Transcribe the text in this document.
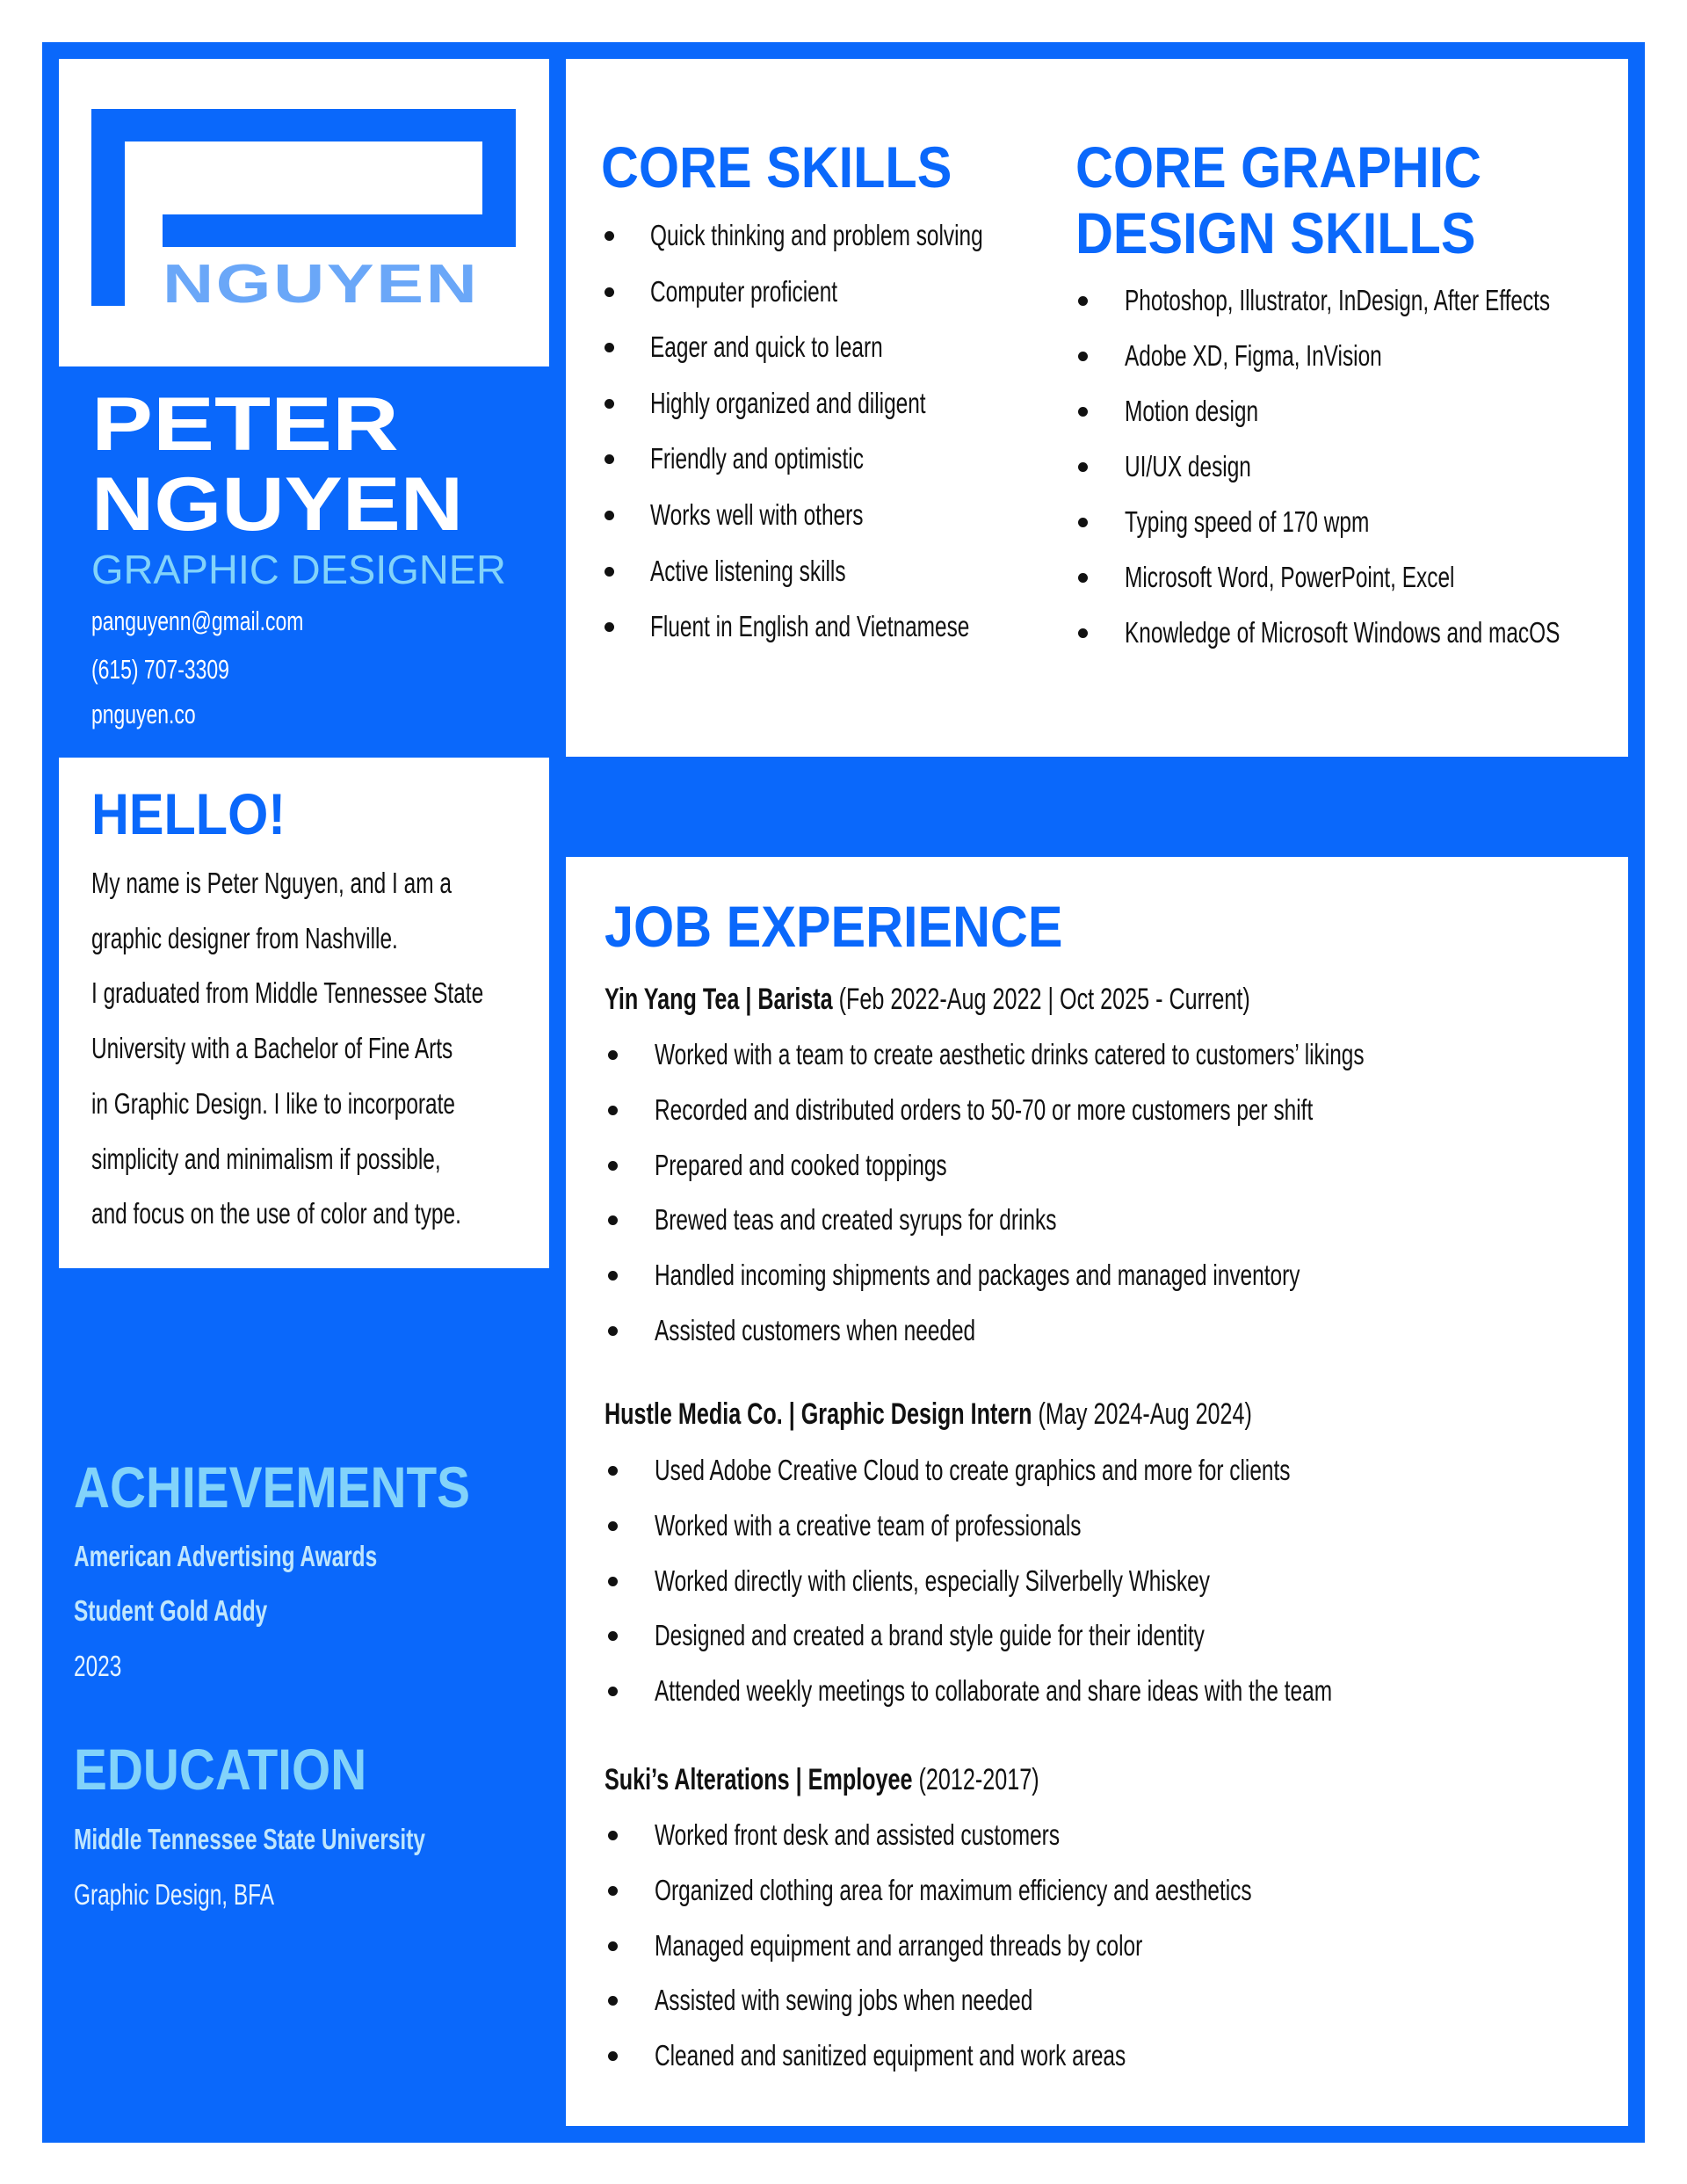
NGUYEN
PETER
NGUYEN
GRAPHIC DESIGNER
panguyenn@gmail.com
(615) 707-3309
pnguyen.co
HELLO!
My name is Peter Nguyen, and I am a
graphic designer from Nashville.
I graduated from Middle Tennessee State
University with a Bachelor of Fine Arts
in Graphic Design. I like to incorporate
simplicity and minimalism if possible,
and focus on the use of color and type.
ACHIEVEMENTS
American Advertising Awards
Student Gold Addy
2023
EDUCATION
Middle Tennessee State University
Graphic Design, BFA
CORE SKILLS CORE GRAPHIC
DESIGN SKILLS
Quick thinking and problem solving
Computer proficient
Eager and quick to learn
Highly organized and diligent
Friendly and optimistic
Works well with others
Active listening skills
Fluent in English and Vietnamese
Photoshop, Illustrator, InDesign, After Effects
Adobe XD, Figma, InVision
Motion design
UI/UX design
Typing speed of 170 wpm
Microsoft Word, PowerPoint, Excel
Knowledge of Microsoft Windows and macOS
JOB EXPERIENCE
Yin Yang Tea | Barista (Feb 2022-Aug 2022 | Oct 2025 - Current)
Worked with a team to create aesthetic drinks catered to customers’ likings
Recorded and distributed orders to 50-70 or more customers per shift
Prepared and cooked toppings
Brewed teas and created syrups for drinks
Handled incoming shipments and packages and managed inventory
Assisted customers when needed
Hustle Media Co. | Graphic Design Intern (May 2024-Aug 2024)
Used Adobe Creative Cloud to create graphics and more for clients
Worked with a creative team of professionals
Worked directly with clients, especially Silverbelly Whiskey
Designed and created a brand style guide for their identity
Attended weekly meetings to collaborate and share ideas with the team
Suki’s Alterations | Employee (2012-2017)
Worked front desk and assisted customers
Organized clothing area for maximum efficiency and aesthetics
Managed equipment and arranged threads by color
Assisted with sewing jobs when needed
Cleaned and sanitized equipment and work areas
